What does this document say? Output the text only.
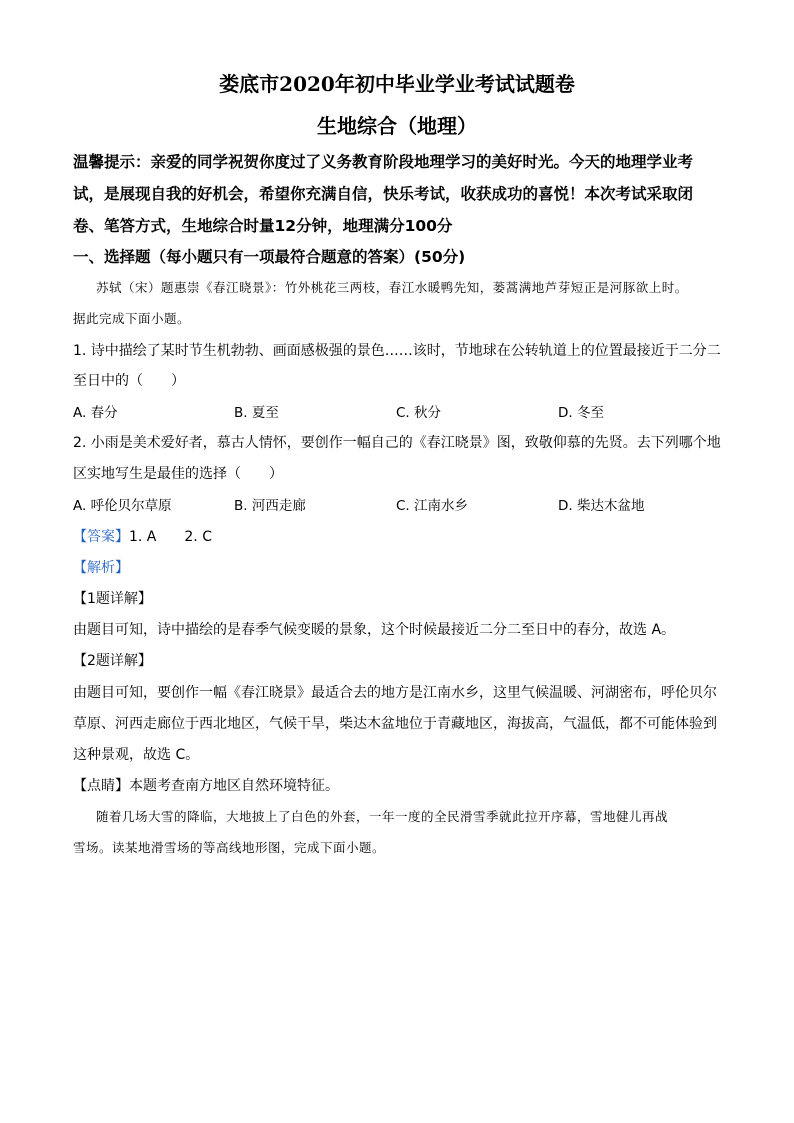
娄底市2020年初中毕业学业考试试题卷
生地综合（地理）
温馨提示：亲爱的同学祝贺你度过了义务教育阶段地理学习的美好时光。今天的地理学业考
试，是展现自我的好机会，希望你充满自信，快乐考试，收获成功的喜悦！本次考试采取闭
卷、笔答方式，生地综合时量12分钟，地理满分100分
一、选择题（每小题只有一项最符合题意的答案）(50分)
苏轼（宋）题惠崇《春江晓景》：竹外桃花三两枝，春江水暖鸭先知，蒌蒿满地芦芽短正是河豚欲上时。
据此完成下面小题。
1. 诗中描绘了某时节生机勃勃、画面感极强的景色……该时，节地球在公转轨道上的位置最接近于二分二
至日中的（　　）
A. 春分	B. 夏至	C. 秋分	D. 冬至
2. 小雨是美术爱好者，慕古人情怀，要创作一幅自己的《春江晓景》图，致敬仰慕的先贤。去下列哪个地
区实地写生是最佳的选择（　　）
A. 呼伦贝尔草原	B. 河西走廊	C. 江南水乡	D. 柴达木盆地
【答案】1. A　　2. C
【解析】
【1题详解】
由题目可知，诗中描绘的是春季气候变暖的景象，这个时候最接近二分二至日中的春分，故选 A。
【2题详解】
由题目可知，要创作一幅《春江晓景》最适合去的地方是江南水乡，这里气候温暖、河湖密布，呼伦贝尔
草原、河西走廊位于西北地区，气候干旱，柴达木盆地位于青藏地区，海拔高，气温低，都不可能体验到
这种景观，故选 C。
【点睛】本题考查南方地区自然环境特征。
随着几场大雪的降临，大地披上了白色的外套，一年一度的全民滑雪季就此拉开序幕，雪地健儿再战
雪场。读某地滑雪场的等高线地形图，完成下面小题。
